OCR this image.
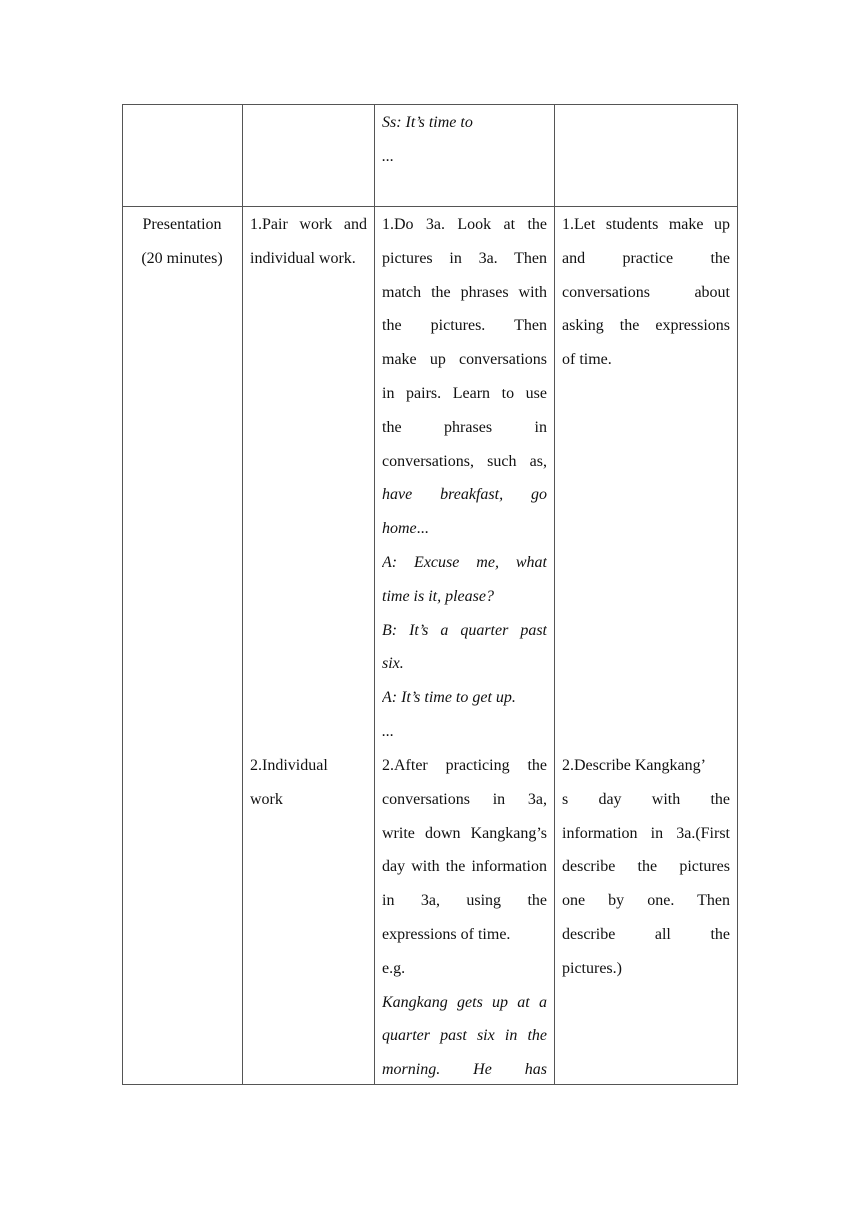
Ss: It’s time to
...
Presentation
(20 minutes)
1.Pair work and
individual work.
2.Individual
work
1.Do 3a. Look at the
pictures in 3a. Then
match the phrases with
the pictures. Then
make up conversations
in pairs. Learn to use
the phrases in
conversations, such as,
have breakfast, go
home...
A: Excuse me, what
time is it, please?
B: It’s a quarter past
six.
A: It’s time to get up.
...
2.After practicing the
conversations in 3a,
write down Kangkang’s
day with the information
in 3a, using the
expressions of time.
e.g.
Kangkang gets up at a
quarter past six in the
morning. He has
1.Let students make up
and practice the
conversations about
asking the expressions
of time.
2.Describe Kangkang’
s day with the
information in 3a.(First
describe the pictures
one by one. Then
describe all the
pictures.)
